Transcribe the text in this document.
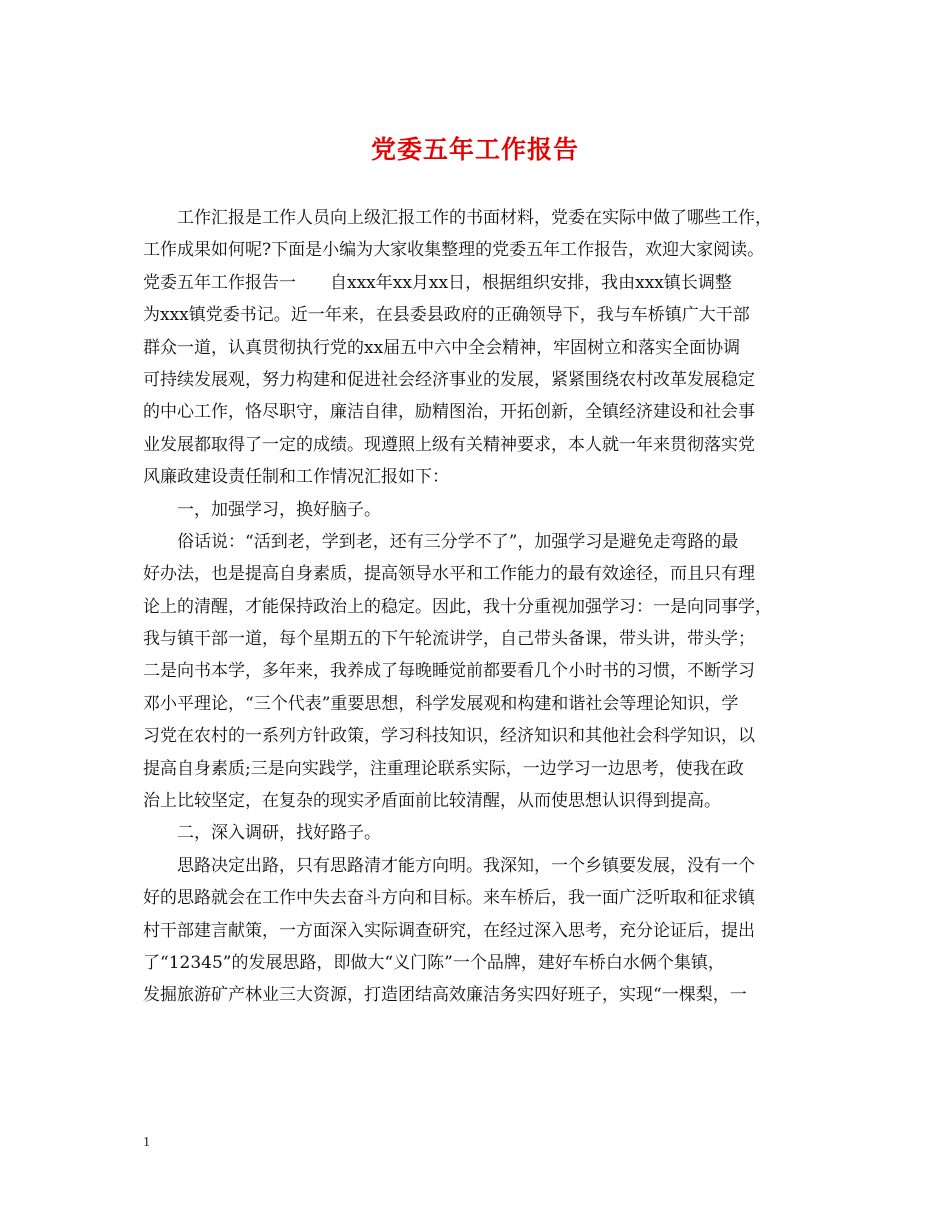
党委五年工作报告
工作汇报是工作人员向上级汇报工作的书面材料，党委在实际中做了哪些工作，
工作成果如何呢?下面是小编为大家收集整理的党委五年工作报告，欢迎大家阅读。
党委五年工作报告一　　自xxx年xx月xx日，根据组织安排，我由xxx镇长调整
为xxx镇党委书记。近一年来，在县委县政府的正确领导下，我与车桥镇广大干部
群众一道，认真贯彻执行党的xx届五中六中全会精神，牢固树立和落实全面协调
可持续发展观，努力构建和促进社会经济事业的发展，紧紧围绕农村改革发展稳定
的中心工作，恪尽职守，廉洁自律，励精图治，开拓创新，全镇经济建设和社会事
业发展都取得了一定的成绩。现遵照上级有关精神要求，本人就一年来贯彻落实党
风廉政建设责任制和工作情况汇报如下：
一，加强学习，换好脑子。
俗话说：“活到老，学到老，还有三分学不了”，加强学习是避免走弯路的最
好办法，也是提高自身素质，提高领导水平和工作能力的最有效途径，而且只有理
论上的清醒，才能保持政治上的稳定。因此，我十分重视加强学习：一是向同事学，
我与镇干部一道，每个星期五的下午轮流讲学，自己带头备课，带头讲，带头学；
二是向书本学，多年来，我养成了每晚睡觉前都要看几个小时书的习惯，不断学习
邓小平理论，“三个代表”重要思想，科学发展观和构建和谐社会等理论知识，学
习党在农村的一系列方针政策，学习科技知识，经济知识和其他社会科学知识，以
提高自身素质;三是向实践学，注重理论联系实际，一边学习一边思考，使我在政
治上比较坚定，在复杂的现实矛盾面前比较清醒，从而使思想认识得到提高。
二，深入调研，找好路子。
思路决定出路，只有思路清才能方向明。我深知，一个乡镇要发展，没有一个
好的思路就会在工作中失去奋斗方向和目标。来车桥后，我一面广泛听取和征求镇
村干部建言献策，一方面深入实际调查研究，在经过深入思考，充分论证后，提出
了“12345”的发展思路，即做大“义门陈”一个品牌，建好车桥白水俩个集镇，
发掘旅游矿产林业三大资源，打造团结高效廉洁务实四好班子，实现“一棵梨，一
1
